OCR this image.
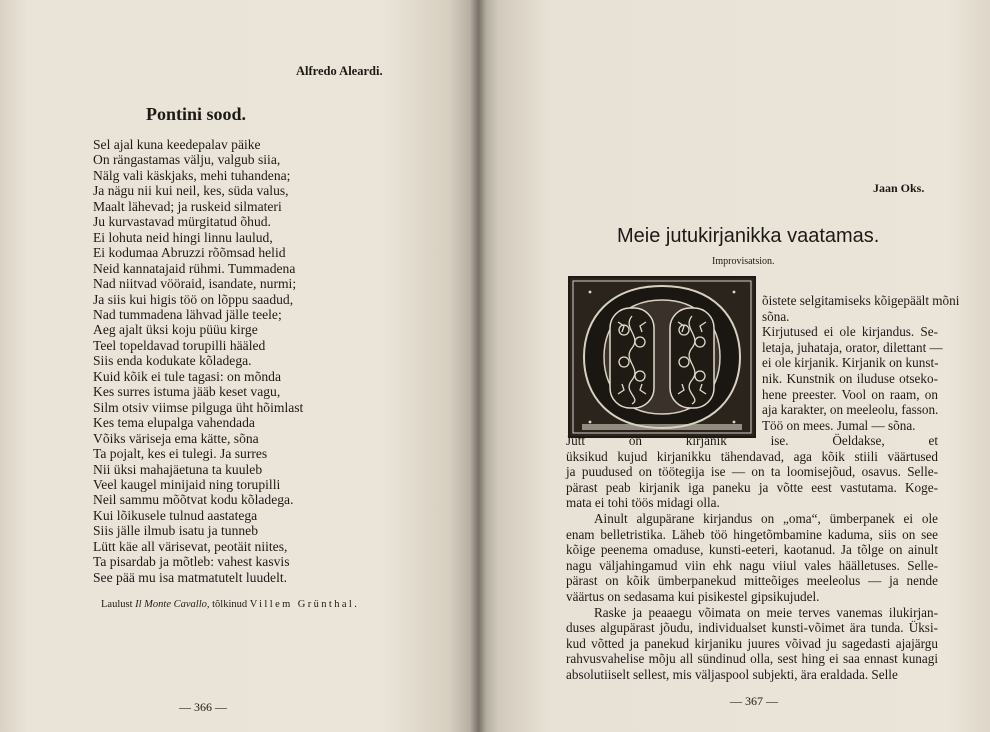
Alfredo Aleardi.
Pontini sood.
Sel ajal kuna keedepalav päike
On rängastamas välju, valgub siia,
Nälg vali käskjaks, mehi tuhandena;
Ja nägu nii kui neil, kes, süda valus,
Maalt lähevad; ja ruskeid silmateri
Ju kurvastavad mürgitatud õhud.
Ei lohuta neid hingi linnu laulud,
Ei kodumaa Abruzzi rõõmsad helid
Neid kannatajaid rühmi. Tummadena
Nad niitvad vööraid, isandate, nurmi;
Ja siis kui higis töö on lõppu saadud,
Nad tummadena lähvad jälle teele;
Aeg ajalt üksi koju püüu kirge
Teel topeldavad torupilli hääled
Siis enda kodukate kõladega.
Kuid kõik ei tule tagasi: on mõnda
Kes surres istuma jääb keset vagu,
Silm otsiv viimse pilguga üht hõimlast
Kes tema elupalga vahendada
Võiks väriseja ema kätte, sõna
Ta pojalt, kes ei tulegi. Ja surres
Nii üksi mahajäetuna ta kuuleb
Veel kaugel minijaid ning torupilli
Neil sammu mõõtvat kodu kõladega.
Kui lõikusele tulnud aastatega
Siis jälle ilmub isatu ja tunneb
Lütt käe all värisevat, peotäit niites,
Ta pisardab ja mõtleb: vahest kasvis
See pää mu isa matmatutelt luudelt.
Laulust Il Monte Cavallo, tõlkinud Villem Grünthal.
— 366 —
Jaan Oks.
Meie jutukirjanikka vaatamas.
Improvisatsion.
õistete selgitamiseks kõigepäält mõni
sõna.
Kirjutused ei ole kirjandus. Se-
letaja, juhataja, orator, dilettant —
ei ole kirjanik. Kirjanik on kunst-
nik. Kunstnik on iluduse otseko-
hene preester. Vool on raam, on
aja karakter, on meeleolu, fasson.
Töö on mees. Jumal — sõna.
Jutt on kirjanik ise. Öeldakse, et
üksikud kujud kirjanikku tähendavad, aga kõik stiili väärtused
ja puudused on töötegija ise — on ta loomisejõud, osavus. Selle-
pärast peab kirjanik iga paneku ja võtte eest vastutama. Koge-
mata ei tohi töös midagi olla.
Ainult algupärane kirjandus on „oma“, ümberpanek ei ole
enam belletristika. Läheb töö hingetõmbamine kaduma, siis on see
kõige peenema omaduse, kunsti-eeteri, kaotanud. Ja tõlge on ainult
nagu väljahingamud viin ehk nagu viiul vales häälletuses. Selle-
pärast on kõik ümberpanekud mitteõiges meeleolus — ja nende
väärtus on sedasama kui pisikestel gipsikujudel.
Raske ja peaaegu võimata on meie terves vanemas ilukirjan-
duses algupärast jõudu, individualset kunsti-võimet ära tunda. Üksi-
kud võtted ja panekud kirjaniku juures võivad ju sagedasti ajajärgu
rahvusvahelise mõju all sündinud olla, sest hing ei saa ennast kunagi
absolutiiselt sellest, mis väljaspool subjekti, ära eraldada. Selle
— 367 —
